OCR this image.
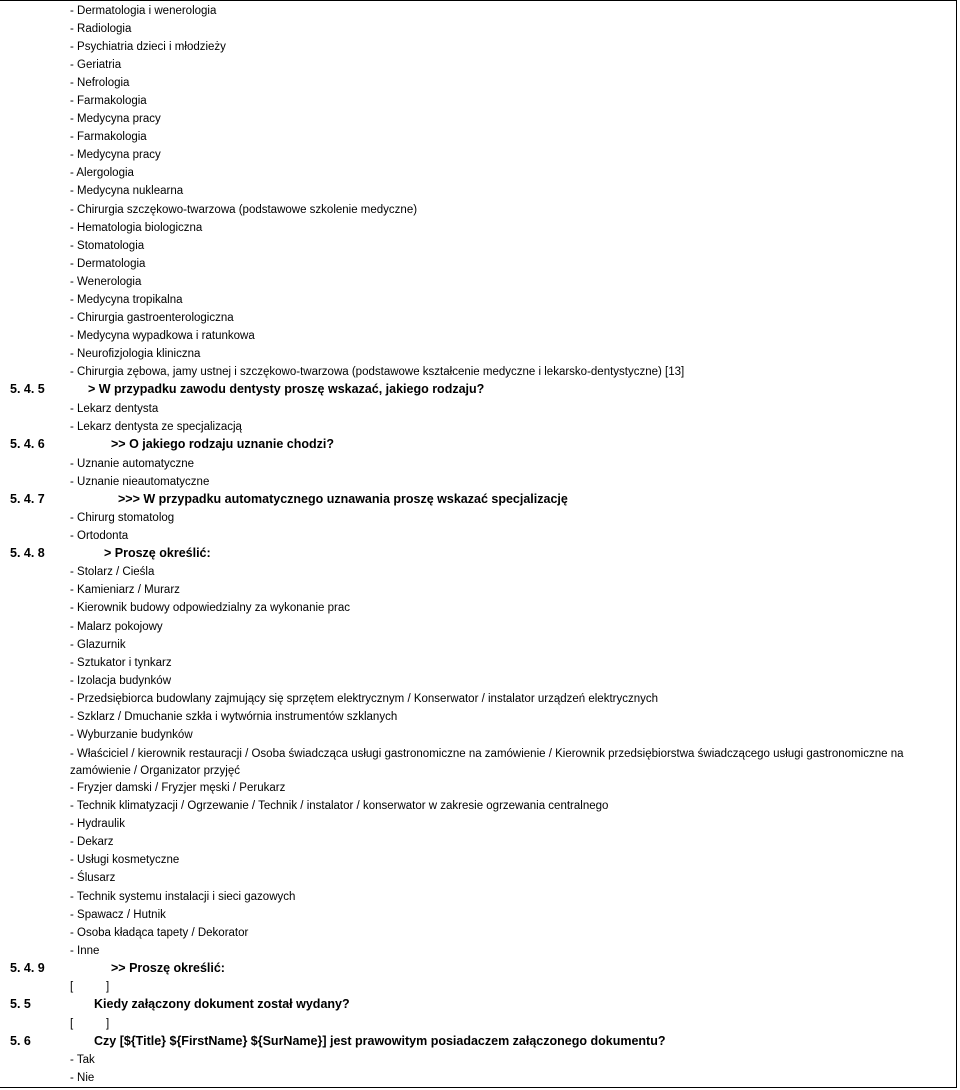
- Dermatologia i wenerologia
- Radiologia
- Psychiatria dzieci i młodzieży
- Geriatria
- Nefrologia
- Farmakologia
- Medycyna pracy
- Farmakologia
- Medycyna pracy
- Alergologia
- Medycyna nuklearna
- Chirurgia szczękowo-twarzowa (podstawowe szkolenie medyczne)
- Hematologia biologiczna
- Stomatologia
- Dermatologia
- Wenerologia
- Medycyna tropikalna
- Chirurgia gastroenterologiczna
- Medycyna wypadkowa i ratunkowa
- Neurofizjologia kliniczna
- Chirurgia zębowa, jamy ustnej i szczękowo-twarzowa (podstawowe kształcenie medyczne i lekarsko-dentystyczne) [13]
5. 4. 5	> W przypadku zawodu dentysty proszę wskazać, jakiego rodzaju?
- Lekarz dentysta
- Lekarz dentysta ze specjalizacją
5. 4. 6	>> O jakiego rodzaju uznanie chodzi?
- Uznanie automatyczne
- Uznanie nieautomatyczne
5. 4. 7	>>> W przypadku automatycznego uznawania proszę wskazać specjalizację
- Chirurg stomatolog
- Ortodonta
5. 4. 8	> Proszę określić:
- Stolarz / Cieśla
- Kamieniarz / Murarz
- Kierownik budowy odpowiedzialny za wykonanie prac
- Malarz pokojowy
- Glazurnik
- Sztukator i tynkarz
- Izolacja budynków
- Przedsiębiorca budowlany zajmujący się sprzętem elektrycznym / Konserwator / instalator urządzeń elektrycznych
- Szklarz / Dmuchanie szkła i wytwórnia instrumentów szklanych
- Wyburzanie budynków
- Właściciel / kierownik restauracji / Osoba świadcząca usługi gastronomiczne na zamówienie / Kierownik przedsiębiorstwa świadczącego usługi gastronomiczne na zamówienie / Organizator przyjęć
- Fryzjer damski / Fryzjer męski / Perukarz
- Technik klimatyzacji / Ogrzewanie / Technik / instalator / konserwator w zakresie ogrzewania centralnego
- Hydraulik
- Dekarz
- Usługi kosmetyczne
- Ślusarz
- Technik systemu instalacji i sieci gazowych
- Spawacz / Hutnik
- Osoba kładąca tapety / Dekorator
- Inne
5. 4. 9	>> Proszę określić:
[	]
5. 5	Kiedy załączony dokument został wydany?
[	]
5. 6	Czy [${Title} ${FirstName} ${SurName}] jest prawowitym posiadaczem załączonego dokumentu?
- Tak
- Nie
